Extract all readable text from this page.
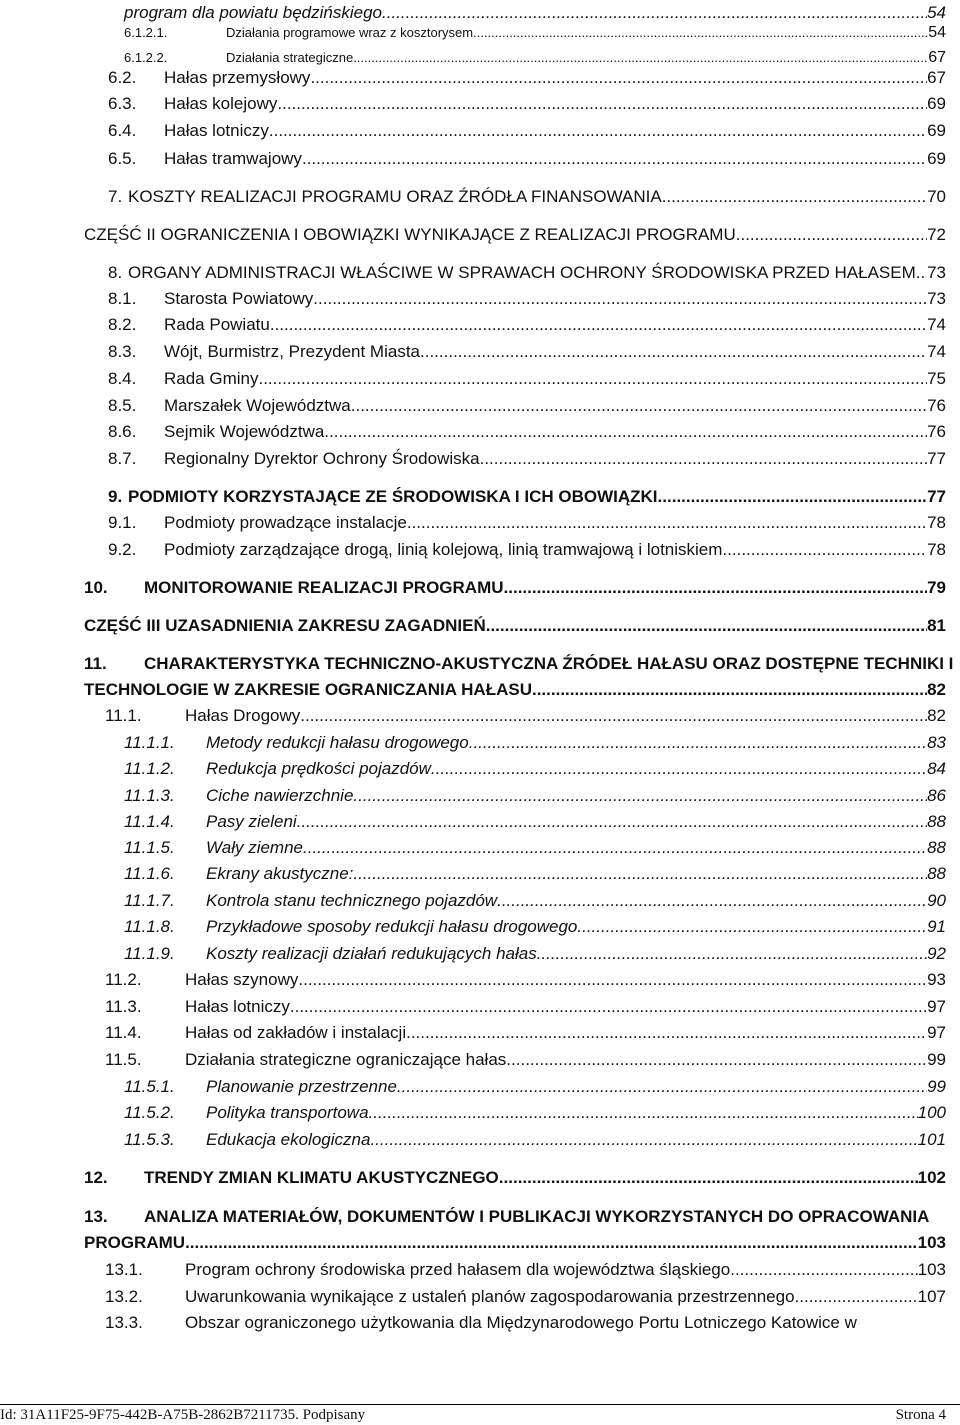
program dla powiatu będzińskiego .....	54
6.1.2.1.	Działania programowe wraz z kosztorysem .....	54
6.1.2.2.	Działania strategiczne .....	67
6.2.	Hałas przemysłowy .....	67
6.3.	Hałas kolejowy .....	69
6.4.	Hałas lotniczy .....	69
6.5.	Hałas tramwajowy .....	69
7. KOSZTY REALIZACJI PROGRAMU ORAZ ŹRÓDŁA FINANSOWANIA .....	70
CZĘŚĆ II OGRANICZENIA I OBOWIĄZKI WYNIKAJĄCE Z REALIZACJI PROGRAMU .....	72
8. ORGANY ADMINISTRACJI WŁAŚCIWE W SPRAWACH OCHRONY ŚRODOWISKA PRZED HAŁASEM ..... 73
8.1.	Starosta Powiatowy .....	73
8.2.	Rada Powiatu .....	74
8.3.	Wójt, Burmistrz, Prezydent Miasta .....	74
8.4.	Rada Gminy .....	75
8.5.	Marszałek Województwa .....	76
8.6.	Sejmik Województwa .....	76
8.7.	Regionalny Dyrektor Ochrony Środowiska .....	77
9. PODMIOTY KORZYSTAJĄCE ZE ŚRODOWISKA I ICH OBOWIĄZKI .....	77
9.1.	Podmioty prowadzące instalacje .....	78
9.2.	Podmioty zarządzające drogą, linią kolejową, linią tramwajową i lotniskiem .....	78
10.	MONITOROWANIE REALIZACJI PROGRAMU .....	79
CZĘŚĆ III UZASADNIENIA ZAKRESU ZAGADNIEŃ .....	81
11. CHARAKTERYSTYKA TECHNICZNO-AKUSTYCZNA ŹRÓDEŁ HAŁASU ORAZ DOSTĘPNE TECHNIKI I
TECHNOLOGIE W ZAKRESIE OGRANICZANIA HAŁASU .....	82
11.1.	Hałas Drogowy .....	82
11.1.1.	Metody redukcji hałasu drogowego .....	83
11.1.2.	Redukcja prędkości pojazdów .....	84
11.1.3.	Ciche nawierzchnie .....	86
11.1.4.	Pasy zieleni .....	88
11.1.5.	Wały ziemne .....	88
11.1.6.	Ekrany akustyczne: .....	88
11.1.7.	Kontrola stanu technicznego pojazdów .....	90
11.1.8.	Przykładowe sposoby redukcji hałasu drogowego .....	91
11.1.9.	Koszty realizacji działań redukujących hałas .....	92
11.2.	Hałas szynowy .....	93
11.3.	Hałas lotniczy .....	97
11.4.	Hałas od zakładów i instalacji .....	97
11.5.	Działania strategiczne ograniczające hałas .....	99
11.5.1.	Planowanie przestrzenne .....	99
11.5.2.	Polityka transportowa .....	100
11.5.3.	Edukacja ekologiczna .....	101
12.	TRENDY ZMIAN KLIMATU AKUSTYCZNEGO .....	102
13. ANALIZA MATERIAŁÓW, DOKUMENTÓW I PUBLIKACJI WYKORZYSTANYCH DO OPRACOWANIA
PROGRAMU .....	103
13.1.	Program ochrony środowiska przed hałasem dla województwa śląskiego .....	103
13.2.	Uwarunkowania wynikające z ustaleń planów zagospodarowania przestrzennego .....	107
13.3. Obszar ograniczonego użytkowania dla Międzynarodowego Portu Lotniczego Katowice w
Id: 31A11F25-9F75-442B-A75B-2862B7211735. Podpisany	Strona 4
